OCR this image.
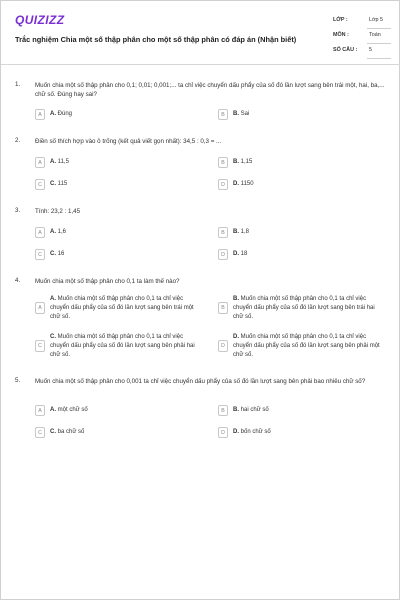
QUIZIZZ
Trắc nghiệm Chia một số thập phân cho một số thập phân có đáp án (Nhận biết)
LỚP :	Lớp 5
MÔN :	Toán
SỐ CÂU : 5
1. Muốn chia một số thập phân cho 0,1; 0,01; 0,001;... ta chỉ việc chuyển dấu phẩy của số đó lần lượt sang bên trái một, hai, ba,... chữ số. Đúng hay sai?
A	A. Đúng	B	B. Sai
2. Điền số thích hợp vào ô trống (kết quả viết gọn nhất): 34,5 : 0,3 = ...
A	A. 11,5	B	B. 1,15
C	C. 115	D	D. 1150
3. Tính: 23,2 : 1,45
A	A. 1,6	B	B. 1,8
C	C. 16	D	D. 18
4. Muốn chia một số thập phân cho 0,1 ta làm thế nào?
A
A. Muốn chia một số thập phân cho 0,1 ta chỉ việc chuyển dấu phẩy của số đó lần lượt sang bên trái một chữ số.
B
B. Muốn chia một số thập phân cho 0,1 ta chỉ việc chuyển dấu phẩy của số đó lần lượt sang bên trái hai chữ số.
C
C. Muốn chia một số thập phân cho 0,1 ta chỉ việc chuyển dấu phẩy của số đó lần lượt sang bên phải hai chữ số.
D
D. Muốn chia một số thập phân cho 0,1 ta chỉ việc chuyển dấu phẩy của số đó lần lượt sang bên phải một chữ số.
5. Muốn chia một số thập phân cho 0,001 ta chỉ việc chuyển dấu phẩy của số đó lần lượt sang bên phải bao nhiêu chữ số?
A	A. một chữ số	B	B. hai chữ số
C	C. ba chữ số	D	D. bốn chữ số
